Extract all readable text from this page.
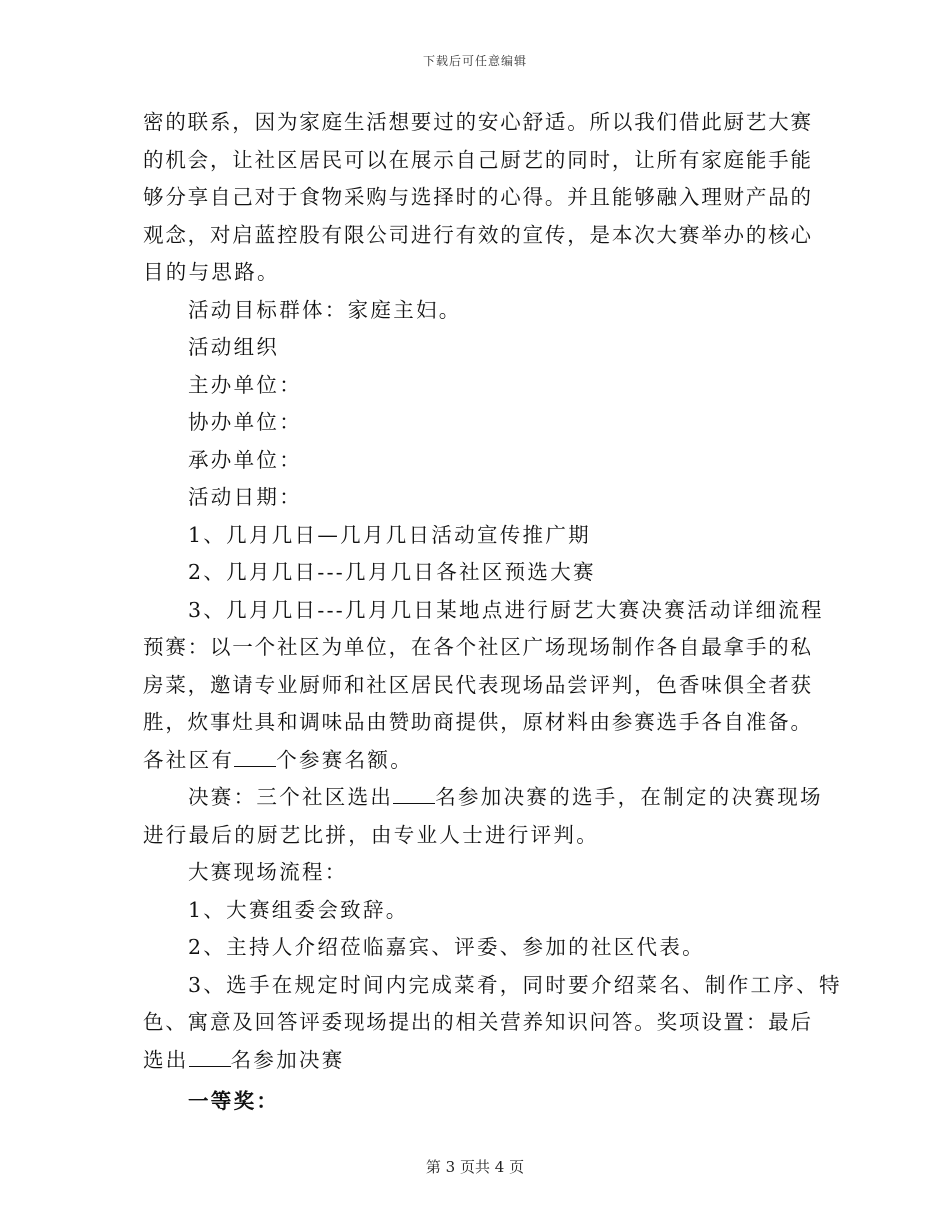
下载后可任意编辑
密的联系，因为家庭生活想要过的安心舒适。所以我们借此厨艺大赛
的机会，让社区居民可以在展示自己厨艺的同时，让所有家庭能手能
够分享自己对于食物采购与选择时的心得。并且能够融入理财产品的
观念，对启蓝控股有限公司进行有效的宣传，是本次大赛举办的核心
目的与思路。
活动目标群体：家庭主妇。
活动组织
主办单位：
协办单位：
承办单位：
活动日期：
1、几月几日—几月几日活动宣传推广期
2、几月几日---几月几日各社区预选大赛
3、几月几日---几月几日某地点进行厨艺大赛决赛活动详细流程
预赛：以一个社区为单位，在各个社区广场现场制作各自最拿手的私
房菜，邀请专业厨师和社区居民代表现场品尝评判，色香味俱全者获
胜，炊事灶具和调味品由赞助商提供，原材料由参赛选手各自准备。
各社区有 个参赛名额。
决赛：三个社区选出 名参加决赛的选手，在制定的决赛现场
进行最后的厨艺比拼，由专业人士进行评判。
大赛现场流程：
1、大赛组委会致辞。
2、主持人介绍莅临嘉宾、评委、参加的社区代表。
3、选手在规定时间内完成菜肴，同时要介绍菜名、制作工序、特
色、寓意及回答评委现场提出的相关营养知识问答。奖项设置：最后
选出 名参加决赛
一等奖：
第 3 页共 4 页
